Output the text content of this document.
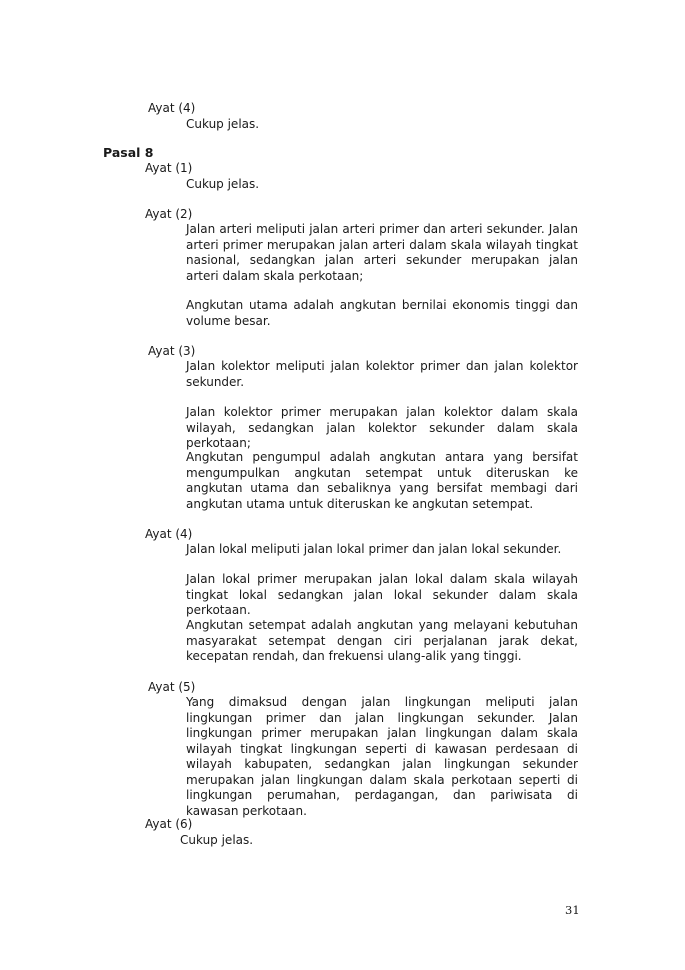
Ayat (4)
Cukup jelas.
Pasal 8
Ayat (1)
Cukup jelas.
Ayat (2)
Jalan arteri meliputi jalan arteri primer dan arteri sekunder. Jalan arteri primer merupakan jalan arteri dalam skala wilayah tingkat nasional, sedangkan jalan arteri sekunder merupakan jalan arteri dalam skala perkotaan;
Angkutan utama adalah angkutan bernilai ekonomis tinggi dan volume besar.
Ayat (3)
Jalan kolektor meliputi jalan kolektor primer dan jalan kolektor sekunder.
Jalan kolektor primer merupakan jalan kolektor dalam skala wilayah, sedangkan jalan kolektor sekunder dalam skala perkotaan;
Angkutan pengumpul adalah angkutan antara yang bersifat mengumpulkan angkutan setempat untuk diteruskan ke angkutan utama dan sebaliknya yang bersifat membagi dari angkutan utama untuk diteruskan ke angkutan setempat.
Ayat (4)
Jalan lokal meliputi jalan lokal primer dan jalan lokal sekunder.
Jalan lokal primer merupakan jalan lokal dalam skala wilayah tingkat lokal sedangkan jalan lokal sekunder dalam skala perkotaan.
Angkutan setempat adalah angkutan yang melayani kebutuhan masyarakat setempat dengan ciri perjalanan jarak dekat, kecepatan rendah, dan frekuensi ulang-alik yang tinggi.
Ayat (5)
Yang dimaksud dengan jalan lingkungan meliputi jalan lingkungan primer dan jalan lingkungan sekunder. Jalan lingkungan primer merupakan jalan lingkungan dalam skala wilayah tingkat lingkungan seperti di kawasan perdesaan di wilayah kabupaten, sedangkan jalan lingkungan sekunder merupakan jalan lingkungan dalam skala perkotaan seperti di lingkungan perumahan, perdagangan, dan pariwisata di kawasan perkotaan.
Ayat (6)
Cukup jelas.
31
